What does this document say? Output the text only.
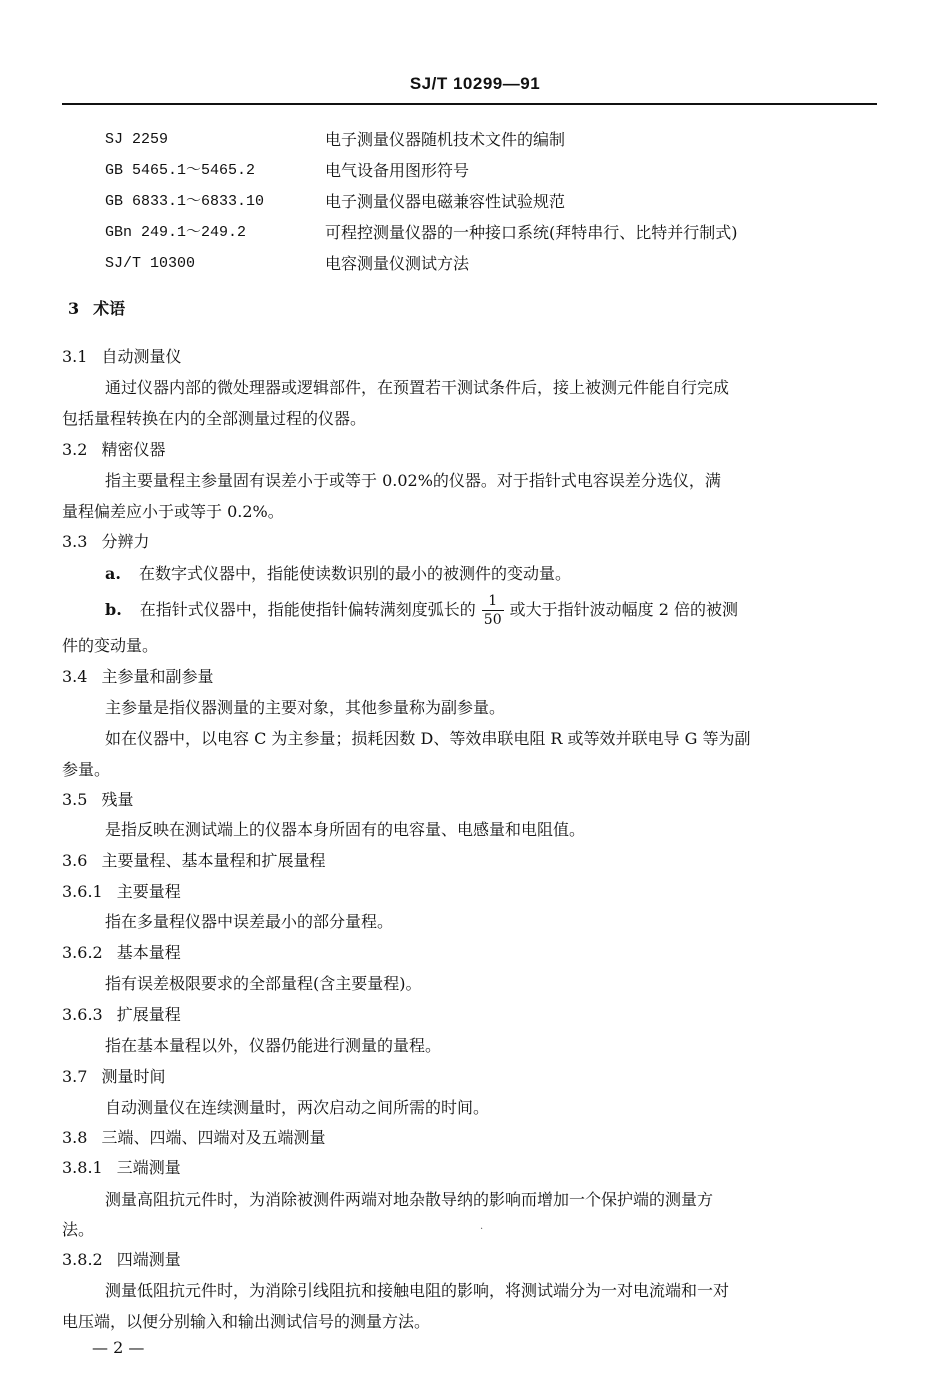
SJ/T 10299—91
SJ 2259	电子测量仪器随机技术文件的编制
GB 5465.1～5465.2	电气设备用图形符号
GB 6833.1～6833.10	电子测量仪器电磁兼容性试验规范
GBn 249.1～249.2	可程控测量仪器的一种接口系统(拜特串行、比特并行制式)
SJ/T 10300	电容测量仪测试方法
3 术语
3.1 自动测量仪
通过仪器内部的微处理器或逻辑部件，在预置若干测试条件后，接上被测元件能自行完成
包括量程转换在内的全部测量过程的仪器。
3.2 精密仪器
指主要量程主参量固有误差小于或等于 0.02%的仪器。对于指针式电容误差分选仪，满
量程偏差应小于或等于 0.2%。
3.3 分辨力
a. 在数字式仪器中，指能使读数识别的最小的被测件的变动量。
b. 在指针式仪器中，指能使指针偏转满刻度弧长的 $\frac{1}{50}$ 或大于指针波动幅度 2 倍的被测
件的变动量。
3.4 主参量和副参量
主参量是指仪器测量的主要对象，其他参量称为副参量。
如在仪器中，以电容 C 为主参量；损耗因数 D、等效串联电阻 R 或等效并联电导 G 等为副
参量。
3.5 残量
是指反映在测试端上的仪器本身所固有的电容量、电感量和电阻值。
3.6 主要量程、基本量程和扩展量程
3.6.1 主要量程
指在多量程仪器中误差最小的部分量程。
3.6.2 基本量程
指有误差极限要求的全部量程(含主要量程)。
3.6.3 扩展量程
指在基本量程以外，仪器仍能进行测量的量程。
3.7 测量时间
自动测量仪在连续测量时，两次启动之间所需的时间。
3.8 三端、四端、四端对及五端测量
3.8.1 三端测量
测量高阻抗元件时，为消除被测件两端对地杂散导纳的影响而增加一个保护端的测量方
法。	·
3.8.2 四端测量
测量低阻抗元件时，为消除引线阻抗和接触电阻的影响，将测试端分为一对电流端和一对
电压端，以便分别输入和输出测试信号的测量方法。
— 2 —
